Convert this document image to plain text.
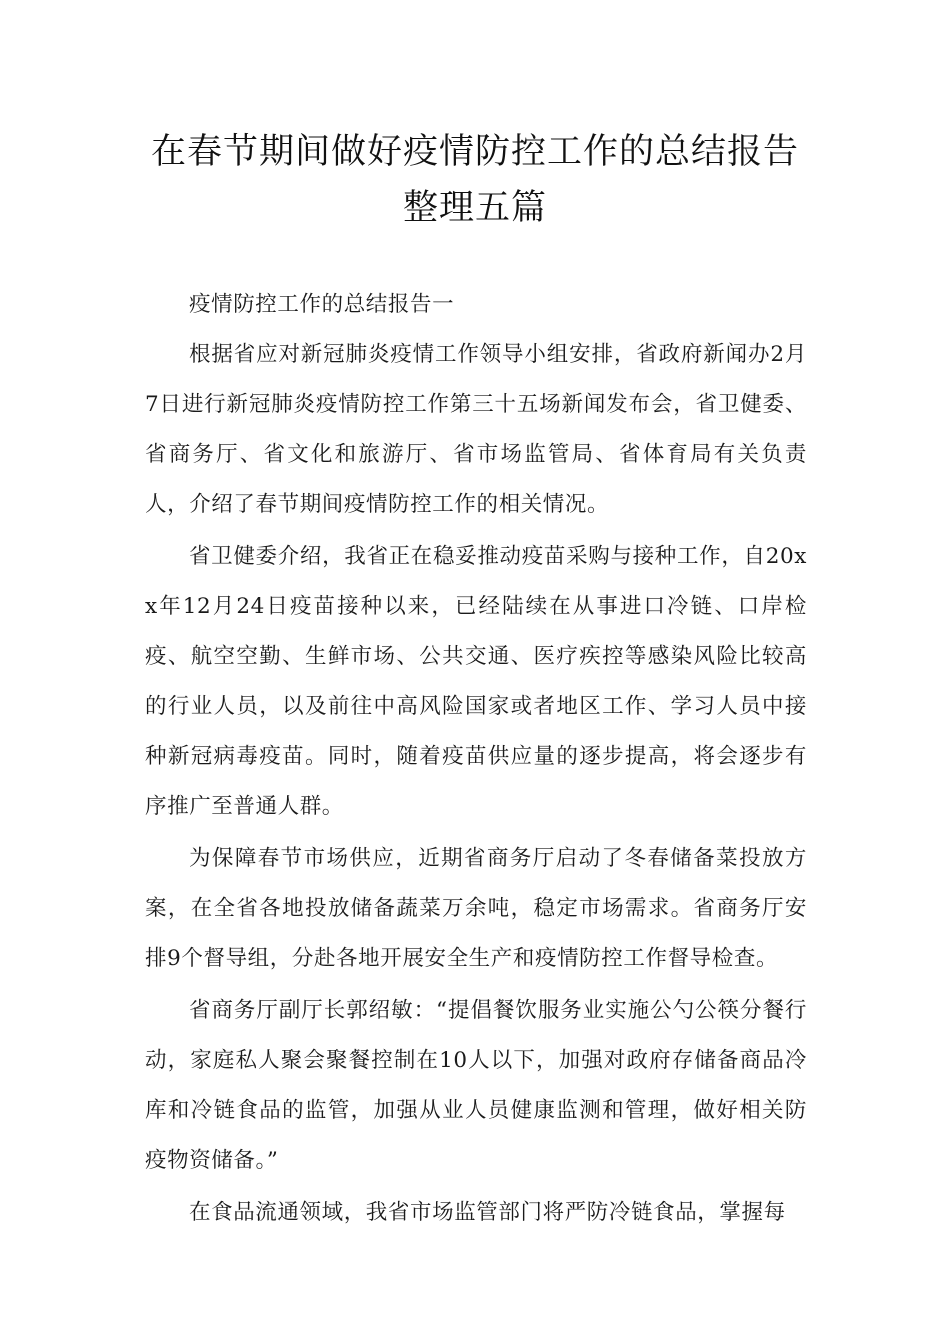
在春节期间做好疫情防控工作的总结报告整理五篇

疫情防控工作的总结报告一

根据省应对新冠肺炎疫情工作领导小组安排，省政府新闻办2月7日进行新冠肺炎疫情防控工作第三十五场新闻发布会，省卫健委、省商务厅、省文化和旅游厅、省市场监管局、省体育局有关负责人，介绍了春节期间疫情防控工作的相关情况。

省卫健委介绍，我省正在稳妥推动疫苗采购与接种工作，自20xx年12月24日疫苗接种以来，已经陆续在从事进口冷链、口岸检疫、航空空勤、生鲜市场、公共交通、医疗疾控等感染风险比较高的行业人员，以及前往中高风险国家或者地区工作、学习人员中接种新冠病毒疫苗。同时，随着疫苗供应量的逐步提高，将会逐步有序推广至普通人群。

为保障春节市场供应，近期省商务厅启动了冬春储备菜投放方案，在全省各地投放储备蔬菜万余吨，稳定市场需求。省商务厅安排9个督导组，分赴各地开展安全生产和疫情防控工作督导检查。

省商务厅副厅长郭绍敏：“提倡餐饮服务业实施公勺公筷分餐行动，家庭私人聚会聚餐控制在10人以下，加强对政府存储备商品冷库和冷链食品的监管，加强从业人员健康监测和管理，做好相关防疫物资储备。”

在食品流通领域，我省市场监管部门将严防冷链食品，掌握每
